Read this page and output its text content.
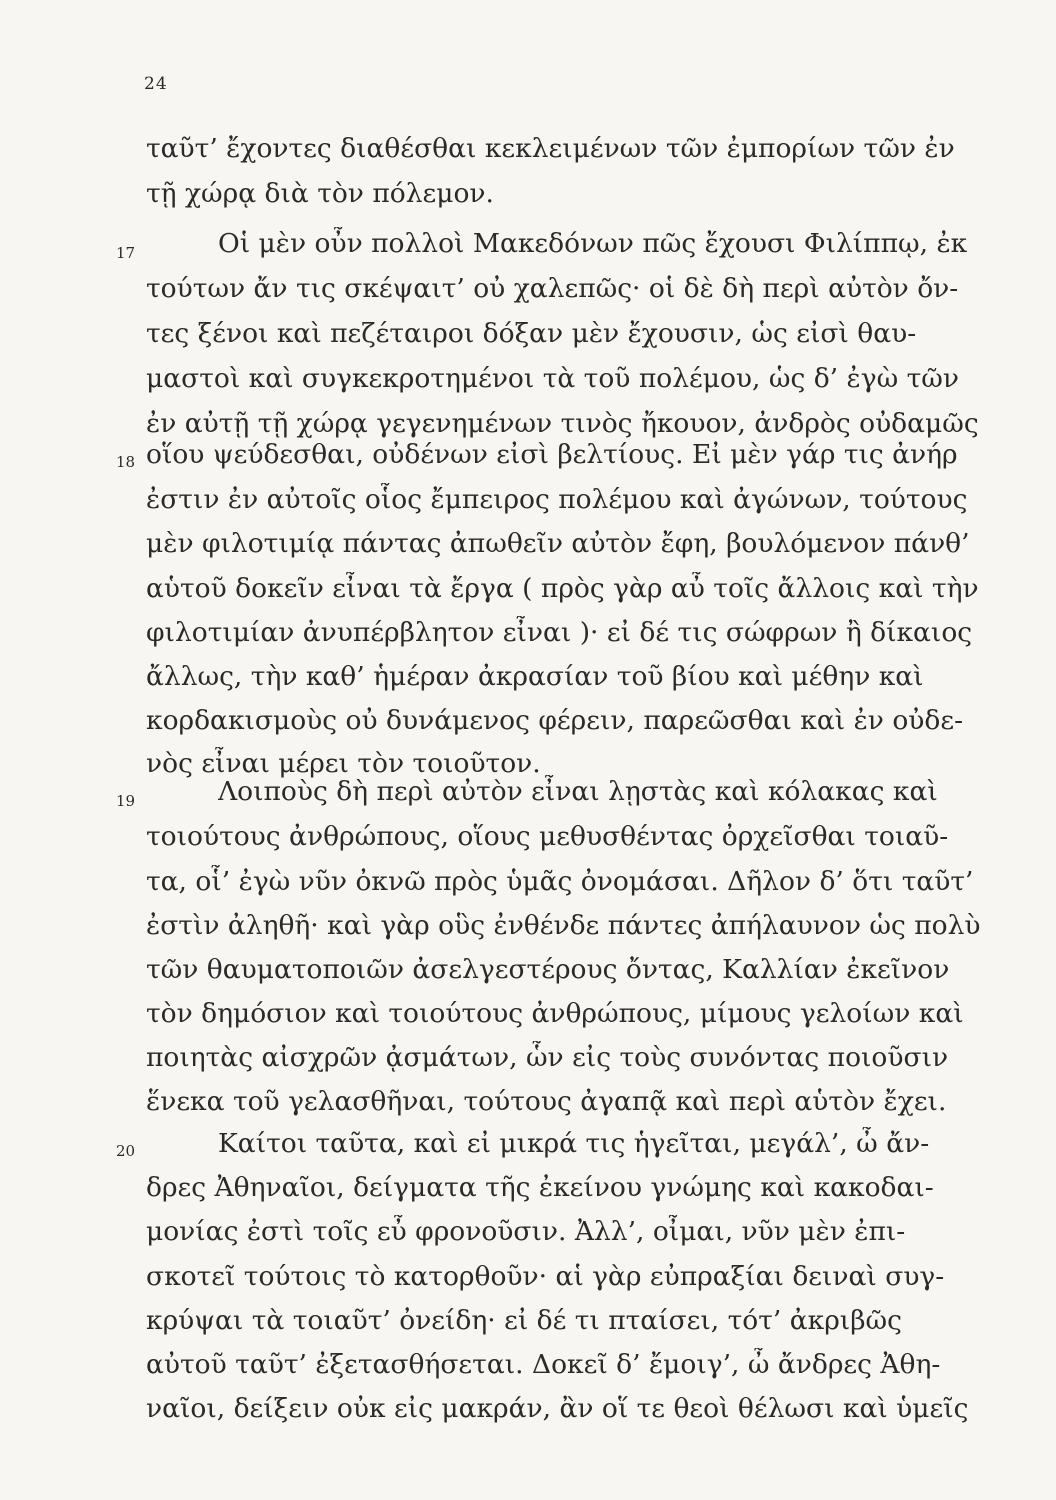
24
ταῦτ’ ἔχοντες διαθέσθαι κεκλειμένων τῶν ἐμπορίων τῶν ἐν
τῇ χώρᾳ διὰ τὸν πόλεμον.
17	Οἱ μὲν οὖν πολλοὶ Μακεδόνων πῶς ἔχουσι Φιλίππῳ, ἐκ
τούτων ἄν τις σκέψαιτ’ οὐ χαλεπῶς· οἱ δὲ δὴ περὶ αὐτὸν ὄν-
τες ξένοι καὶ πεζέταιροι δόξαν μὲν ἔχουσιν, ὡς εἰσὶ θαυ-
μαστοὶ καὶ συγκεκροτημένοι τὰ τοῦ πολέμου, ὡς δ’ ἐγὼ τῶν
ἐν αὐτῇ τῇ χώρᾳ γεγενημένων τινὸς ἤκουον, ἀνδρὸς οὐδαμῶς
18 οἵου ψεύδεσθαι, οὐδένων εἰσὶ βελτίους. Εἰ μὲν γάρ τις ἀνήρ
ἐστιν ἐν αὐτοῖς οἷος ἔμπειρος πολέμου καὶ ἀγώνων, τούτους
μὲν φιλοτιμίᾳ πάντας ἀπωθεῖν αὐτὸν ἔφη, βουλόμενον πάνθ’
αὑτοῦ δοκεῖν εἶναι τὰ ἔργα ( πρὸς γὰρ αὖ τοῖς ἄλλοις καὶ τὴν
φιλοτιμίαν ἀνυπέρβλητον εἶναι )· εἰ δέ τις σώφρων ἢ δίκαιος
ἄλλως, τὴν καθ’ ἡμέραν ἀκρασίαν τοῦ βίου καὶ μέθην καὶ
κορδακισμοὺς οὐ δυνάμενος φέρειν, παρεῶσθαι καὶ ἐν οὐδε-
νὸς εἶναι μέρει τὸν τοιοῦτον.
19	Λοιποὺς δὴ περὶ αὐτὸν εἶναι λῃστὰς καὶ κόλακας καὶ
τοιούτους ἀνθρώπους, οἵους μεθυσθέντας ὀρχεῖσθαι τοιαῦ-
τα, οἷ’ ἐγὼ νῦν ὀκνῶ πρὸς ὑμᾶς ὀνομάσαι. Δῆλον δ’ ὅτι ταῦτ’
ἐστὶν ἀληθῆ· καὶ γὰρ οὓς ἐνθένδε πάντες ἀπήλαυνον ὡς πολὺ
τῶν θαυματοποιῶν ἀσελγεστέρους ὄντας, Καλλίαν ἐκεῖνον
τὸν δημόσιον καὶ τοιούτους ἀνθρώπους, μίμους γελοίων καὶ
ποιητὰς αἰσχρῶν ᾀσμάτων, ὧν εἰς τοὺς συνόντας ποιοῦσιν
ἕνεκα τοῦ γελασθῆναι, τούτους ἀγαπᾷ καὶ περὶ αὑτὸν ἔχει.
20	Καίτοι ταῦτα, καὶ εἰ μικρά τις ἡγεῖται, μεγάλ’, ὦ ἄν-
δρες Ἀθηναῖοι, δείγματα τῆς ἐκείνου γνώμης καὶ κακοδαι-
μονίας ἐστὶ τοῖς εὖ φρονοῦσιν. Ἀλλ’, οἶμαι, νῦν μὲν ἐπι-
σκοτεῖ τούτοις τὸ κατορθοῦν· αἱ γὰρ εὐπραξίαι δειναὶ συγ-
κρύψαι τὰ τοιαῦτ’ ὀνείδη· εἰ δέ τι πταίσει, τότ’ ἀκριβῶς
αὐτοῦ ταῦτ’ ἐξετασθήσεται. Δοκεῖ δ’ ἔμοιγ’, ὦ ἄνδρες Ἀθη-
ναῖοι, δείξειν οὐκ εἰς μακράν, ἂν οἵ τε θεοὶ θέλωσι καὶ ὑμεῖς
